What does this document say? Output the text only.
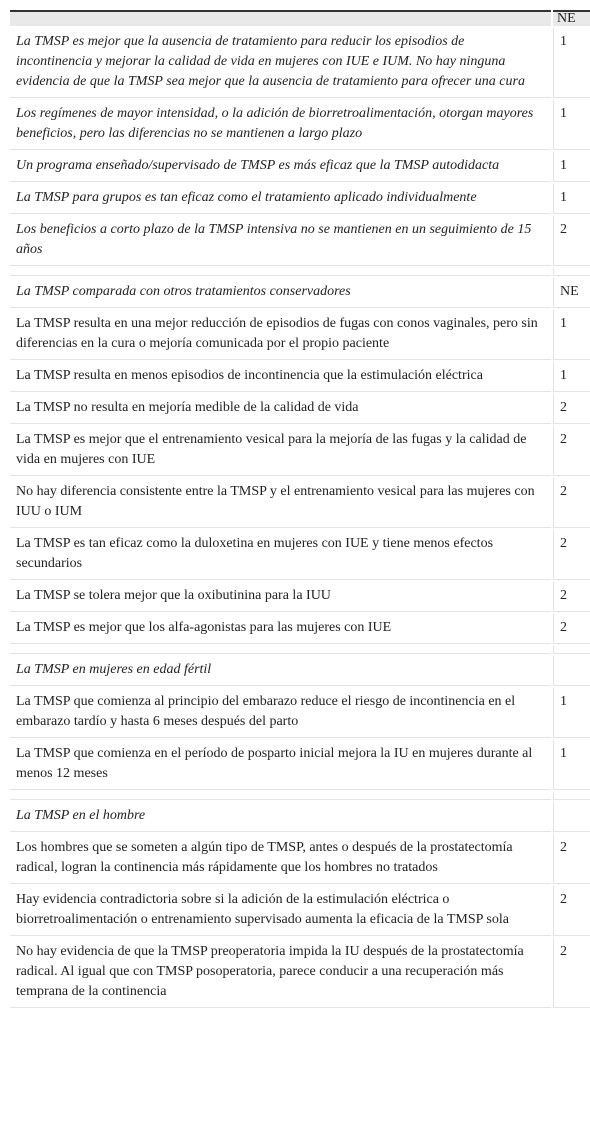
	NE
La TMSP es mejor que la ausencia de tratamiento para reducir los episodios de incontinencia y mejorar la calidad de vida en mujeres con IUE e IUM. No hay ninguna evidencia de que la TMSP sea mejor que la ausencia de tratamiento para ofrecer una cura	1
Los regímenes de mayor intensidad, o la adición de biorretroalimentación, otorgan mayores beneficios, pero las diferencias no se mantienen a largo plazo	1
Un programa enseñado/supervisado de TMSP es más eficaz que la TMSP autodidacta	1
La TMSP para grupos es tan eficaz como el tratamiento aplicado individualmente	1
Los beneficios a corto plazo de la TMSP intensiva no se mantienen en un seguimiento de 15 años	2

La TMSP comparada con otros tratamientos conservadores	NE
La TMSP resulta en una mejor reducción de episodios de fugas con conos vaginales, pero sin diferencias en la cura o mejoría comunicada por el propio paciente	1
La TMSP resulta en menos episodios de incontinencia que la estimulación eléctrica	1
La TMSP no resulta en mejoría medible de la calidad de vida	2
La TMSP es mejor que el entrenamiento vesical para la mejoría de las fugas y la calidad de vida en mujeres con IUE	2
No hay diferencia consistente entre la TMSP y el entrenamiento vesical para las mujeres con IUU o IUM	2
La TMSP es tan eficaz como la duloxetina en mujeres con IUE y tiene menos efectos secundarios	2
La TMSP se tolera mejor que la oxibutinina para la IUU	2
La TMSP es mejor que los alfa-agonistas para las mujeres con IUE	2

La TMSP en mujeres en edad fértil	
La TMSP que comienza al principio del embarazo reduce el riesgo de incontinencia en el embarazo tardío y hasta 6 meses después del parto	1
La TMSP que comienza en el período de posparto inicial mejora la IU en mujeres durante al menos 12 meses	1

La TMSP en el hombre	
Los hombres que se someten a algún tipo de TMSP, antes o después de la prostatectomía radical, logran la continencia más rápidamente que los hombres no tratados	2
Hay evidencia contradictoria sobre si la adición de la estimulación eléctrica o biorretroalimentación o entrenamiento supervisado aumenta la eficacia de la TMSP sola	2
No hay evidencia de que la TMSP preoperatoria impida la IU después de la prostatectomía radical. Al igual que con TMSP posoperatoria, parece conducir a una recuperación más temprana de la continencia	2
